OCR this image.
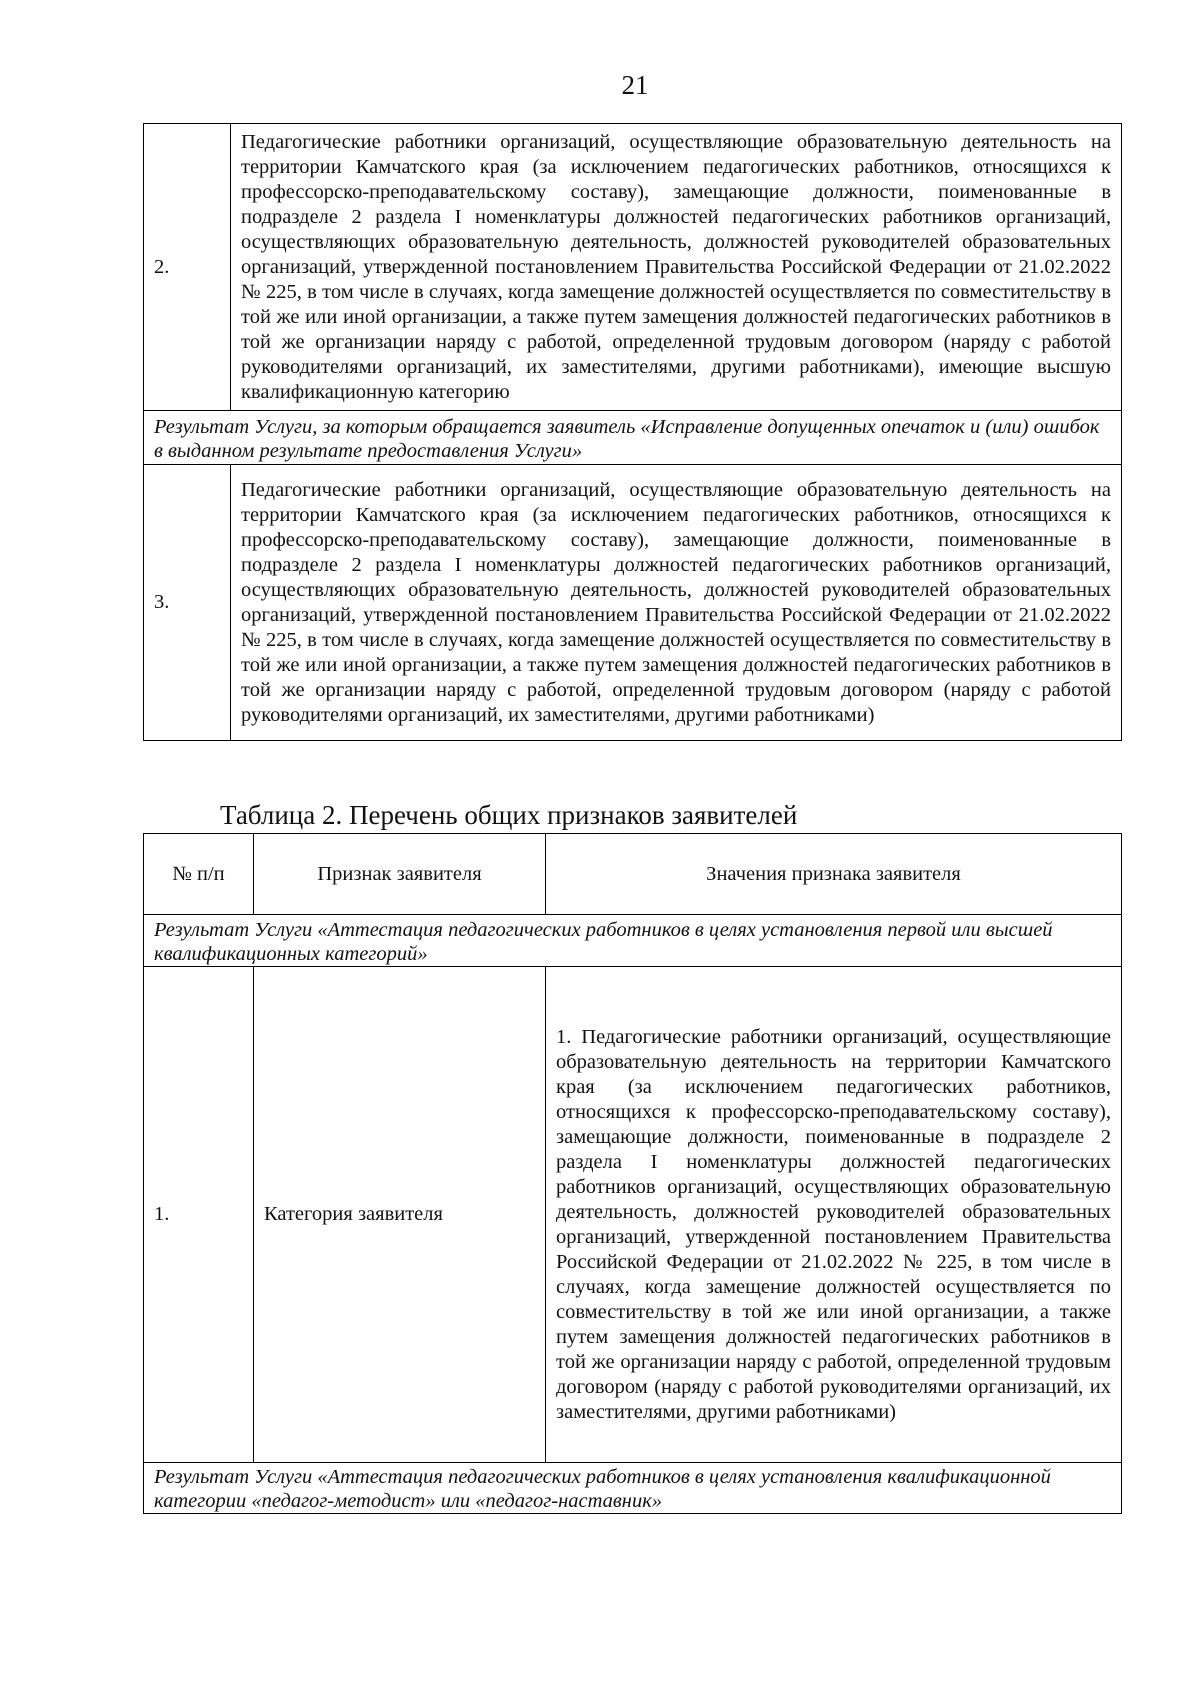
21
2.	Педагогические работники организаций, осуществляющие образовательную деятельность на территории Камчатского края (за исключением педагогических работников, относящихся к профессорско-преподавательскому составу), замещающие должности, поименованные в подразделе 2 раздела I номенклатуры должностей педагогических работников организаций, осуществляющих образовательную деятельность, должностей руководителей образовательных организаций, утвержденной постановлением Правительства Российской Федерации от 21.02.2022 № 225, в том числе в случаях, когда замещение должностей осуществляется по совместительству в той же или иной организации, а также путем замещения должностей педагогических работников в той же организации наряду с работой, определенной трудовым договором (наряду с работой руководителями организаций, их заместителями, другими работниками), имеющие высшую квалификационную категорию
Результат Услуги, за которым обращается заявитель «Исправление допущенных опечаток и (или) ошибок в выданном результате предоставления Услуги»	
3.	Педагогические работники организаций, осуществляющие образовательную деятельность на территории Камчатского края (за исключением педагогических работников, относящихся к профессорско-преподавательскому составу), замещающие должности, поименованные в подразделе 2 раздела I номенклатуры должностей педагогических работников организаций, осуществляющих образовательную деятельность, должностей руководителей образовательных организаций, утвержденной постановлением Правительства Российской Федерации от 21.02.2022 № 225, в том числе в случаях, когда замещение должностей осуществляется по совместительству в той же или иной организации, а также путем замещения должностей педагогических работников в той же организации наряду с работой, определенной трудовым договором (наряду с работой руководителями организаций, их заместителями, другими работниками)
Таблица 2. Перечень общих признаков заявителей
№ п/п	Признак заявителя	Значения признака заявителя
Результат Услуги «Аттестация педагогических работников в целях установления первой или высшей квалификационных категорий»		
1.	Категория заявителя	1. Педагогические работники организаций, осуществляющие образовательную деятельность на территории Камчатского края (за исключением педагогических работников, относящихся к профессорско-преподавательскому составу), замещающие должности, поименованные в подразделе 2 раздела I номенклатуры должностей педагогических работников организаций, осуществляющих образовательную деятельность, должностей руководителей образовательных организаций, утвержденной постановлением Правительства Российской Федерации от 21.02.2022 № 225, в том числе в случаях, когда замещение должностей осуществляется по совместительству в той же или иной организации, а также путем замещения должностей педагогических работников в той же организации наряду с работой, определенной трудовым договором (наряду с работой руководителями организаций, их заместителями, другими работниками)
Результат Услуги «Аттестация педагогических работников в целях установления квалификационной категории «педагог-методист» или «педагог-наставник»		
